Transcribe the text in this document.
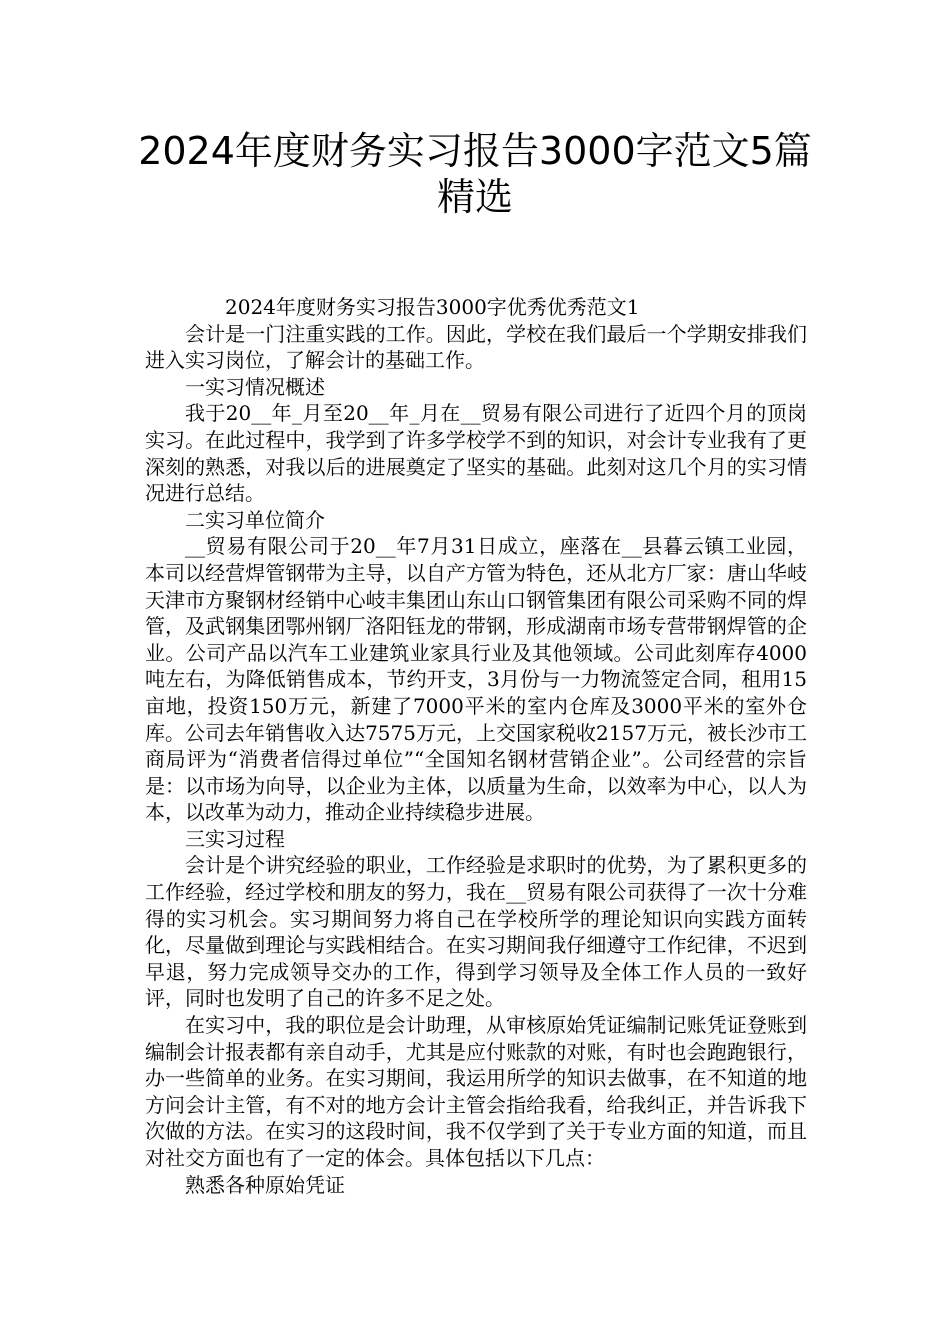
2024年度财务实习报告3000字范文5篇精选

2024年度财务实习报告3000字优秀优秀范文1

会计是一门注重实践的工作。因此，学校在我们最后一个学期安排我们进入实习岗位，了解会计的基础工作。

一实习情况概述

我于20__年_月至20__年_月在__贸易有限公司进行了近四个月的顶岗实习。在此过程中，我学到了许多学校学不到的知识，对会计专业我有了更深刻的熟悉，对我以后的进展奠定了坚实的基础。此刻对这几个月的实习情况进行总结。

二实习单位简介

__贸易有限公司于20__年7月31日成立，座落在__县暮云镇工业园，本司以经营焊管钢带为主导，以自产方管为特色，还从北方厂家：唐山华岐天津市方聚钢材经销中心岐丰集团山东山口钢管集团有限公司采购不同的焊管，及武钢集团鄂州钢厂洛阳钰龙的带钢，形成湖南市场专营带钢焊管的企业。公司产品以汽车工业建筑业家具行业及其他领域。公司此刻库存4000吨左右，为降低销售成本，节约开支，3月份与一力物流签定合同，租用15亩地，投资150万元，新建了7000平米的室内仓库及3000平米的室外仓库。公司去年销售收入达7575万元，上交国家税收2157万元，被长沙市工商局评为“消费者信得过单位”“全国知名钢材营销企业”。公司经营的宗旨是：以市场为向导，以企业为主体，以质量为生命，以效率为中心，以人为本，以改革为动力，推动企业持续稳步进展。

三实习过程

会计是个讲究经验的职业，工作经验是求职时的优势，为了累积更多的工作经验，经过学校和朋友的努力，我在__贸易有限公司获得了一次十分难得的实习机会。实习期间努力将自己在学校所学的理论知识向实践方面转化，尽量做到理论与实践相结合。在实习期间我仔细遵守工作纪律，不迟到早退，努力完成领导交办的工作，得到学习领导及全体工作人员的一致好评，同时也发明了自己的许多不足之处。

在实习中，我的职位是会计助理，从审核原始凭证编制记账凭证登账到编制会计报表都有亲自动手，尤其是应付账款的对账，有时也会跑跑银行，办一些简单的业务。在实习期间，我运用所学的知识去做事，在不知道的地方问会计主管，有不对的地方会计主管会指给我看，给我纠正，并告诉我下次做的方法。在实习的这段时间，我不仅学到了关于专业方面的知道，而且对社交方面也有了一定的体会。具体包括以下几点：

熟悉各种原始凭证
